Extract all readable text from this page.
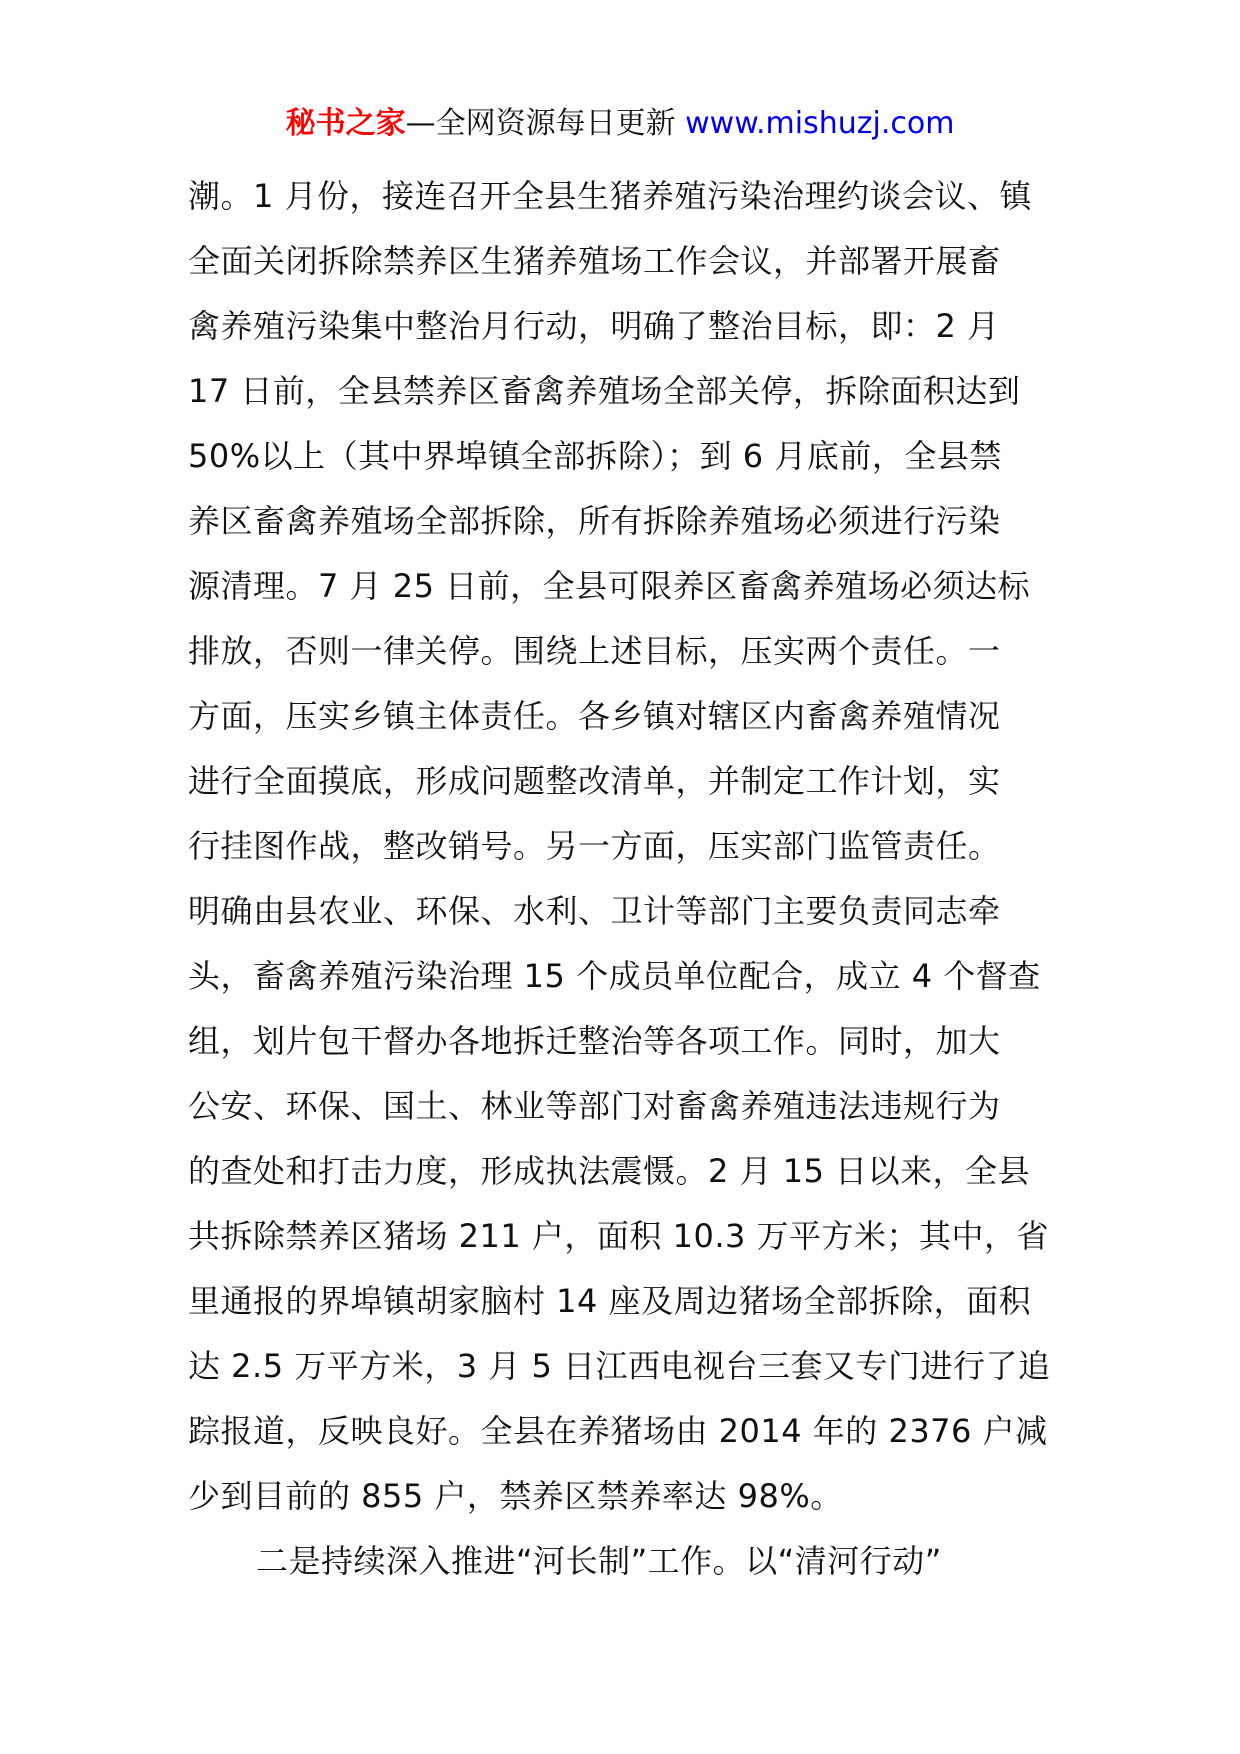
秘书之家—全网资源每日更新 www.mishuzj.com
潮。1 月份，接连召开全县生猪养殖污染治理约谈会议、镇
全面关闭拆除禁养区生猪养殖场工作会议，并部署开展畜
禽养殖污染集中整治月行动，明确了整治目标，即：2 月
17 日前，全县禁养区畜禽养殖场全部关停，拆除面积达到
50%以上（其中界埠镇全部拆除）；到 6 月底前，全县禁
养区畜禽养殖场全部拆除，所有拆除养殖场必须进行污染
源清理。7 月 25 日前，全县可限养区畜禽养殖场必须达标
排放，否则一律关停。围绕上述目标，压实两个责任。一
方面，压实乡镇主体责任。各乡镇对辖区内畜禽养殖情况
进行全面摸底，形成问题整改清单，并制定工作计划，实
行挂图作战，整改销号。另一方面，压实部门监管责任。
明确由县农业、环保、水利、卫计等部门主要负责同志牵
头，畜禽养殖污染治理 15 个成员单位配合，成立 4 个督查
组，划片包干督办各地拆迁整治等各项工作。同时，加大
公安、环保、国土、林业等部门对畜禽养殖违法违规行为
的查处和打击力度，形成执法震慑。2 月 15 日以来，全县
共拆除禁养区猪场 211 户，面积 10.3 万平方米；其中，省
里通报的界埠镇胡家脑村 14 座及周边猪场全部拆除，面积
达 2.5 万平方米，3 月 5 日江西电视台三套又专门进行了追
踪报道，反映良好。全县在养猪场由 2014 年的 2376 户减
少到目前的 855 户，禁养区禁养率达 98%。
二是持续深入推进“河长制”工作。以“清河行动”
